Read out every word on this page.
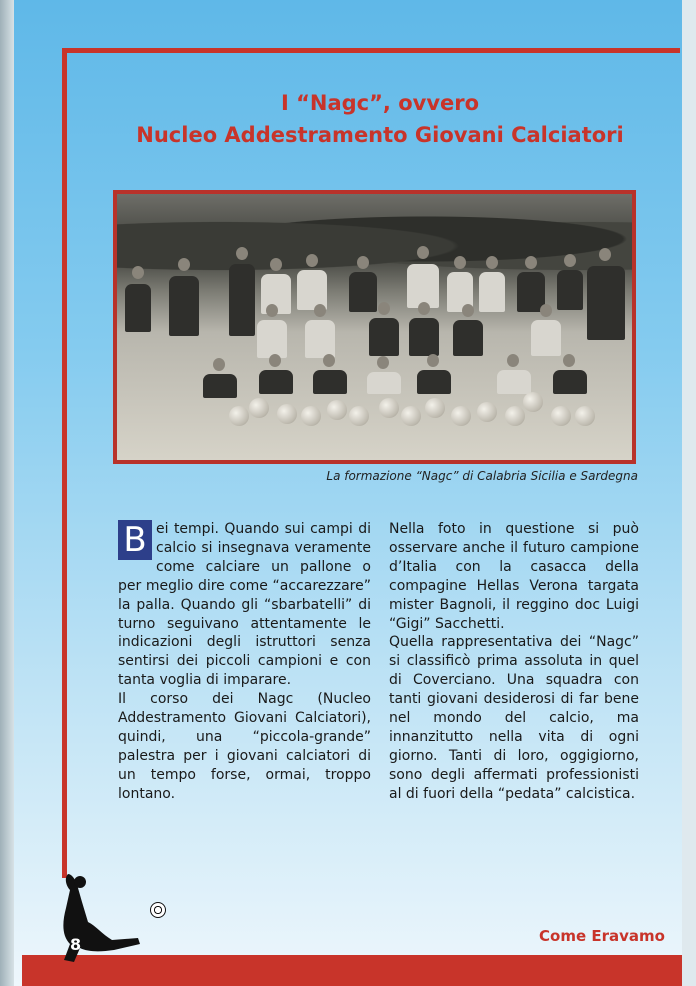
I “Nagc”, ovvero
Nucleo Addestramento Giovani Calciatori
La formazione “Nagc” di Calabria Sicilia e Sardegna
B ei tempi. Quando sui campi di calcio si insegnava veramente come calciare un pallone o per meglio dire come “accarezzare” la palla. Quando gli “sbarbatelli” di turno seguivano attentamente le indicazioni degli istruttori senza sentirsi dei piccoli campioni e con tanta voglia di imparare.
Il corso dei Nagc (Nucleo Addestramento Giovani Calciatori), quindi, una “piccola-grande” palestra per i giovani calciatori di un tempo forse, ormai, troppo lontano.

Nella foto in questione si può osservare anche il futuro campione d’Italia con la casacca della compagine Hellas Verona targata mister Bagnoli, il reggino doc Luigi “Gigi” Sacchetti.
Quella rappresentativa dei “Nagc” si classificò prima assoluta in quel di Coverciano. Una squadra con tanti giovani desiderosi di far bene nel mondo del calcio, ma innanzitutto nella vita di ogni giorno. Tanti di loro, oggigiorno, sono degli affermati professionisti al di fuori della “pedata” calcistica.

8	Come Eravamo
